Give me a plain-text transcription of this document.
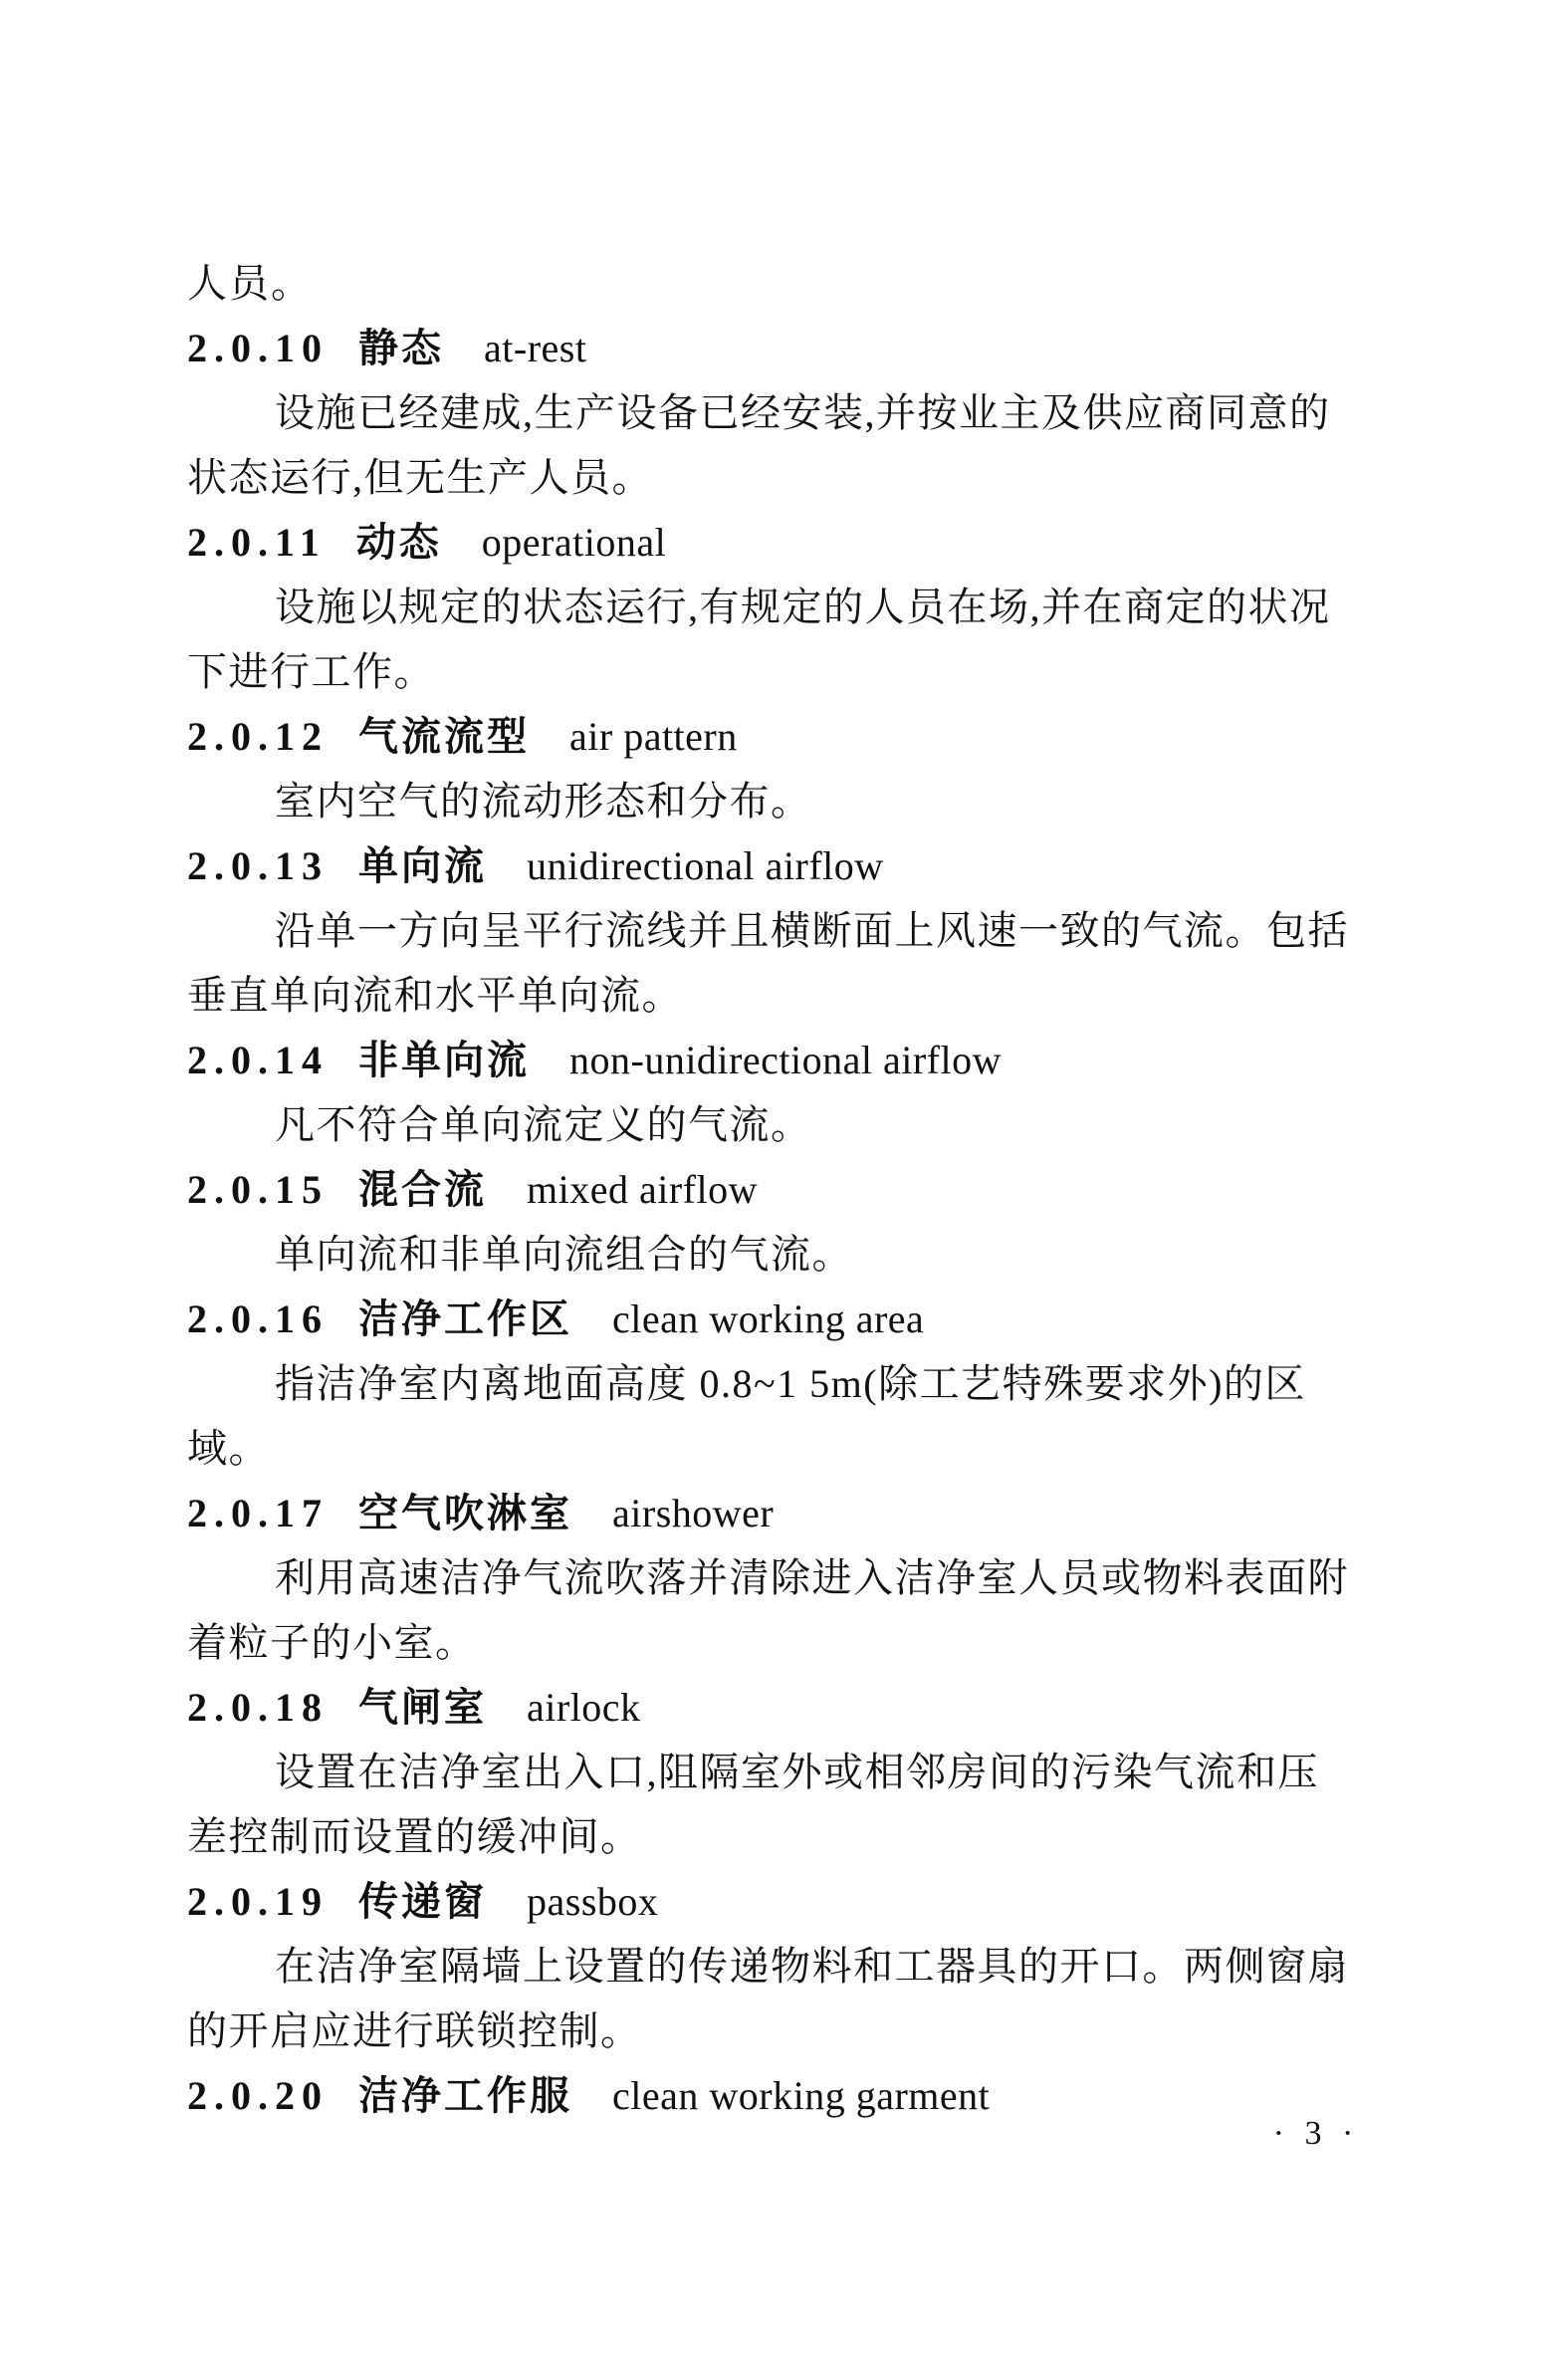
人员。

2.0.10 静态 at-rest

设施已经建成,生产设备已经安装,并按业主及供应商同意的

状态运行,但无生产人员。

2.0.11 动态 operational

设施以规定的状态运行,有规定的人员在场,并在商定的状况

下进行工作。

2.0.12 气流流型 air pattern

室内空气的流动形态和分布。

2.0.13 单向流 unidirectional airflow

沿单一方向呈平行流线并且横断面上风速一致的气流。包括

垂直单向流和水平单向流。

2.0.14 非单向流 non-unidirectional airflow

凡不符合单向流定义的气流。

2.0.15 混合流 mixed airflow

单向流和非单向流组合的气流。

2.0.16 洁净工作区 clean working area

指洁净室内离地面高度 0.8~1 5m(除工艺特殊要求外)的区

域。

2.0.17 空气吹淋室 airshower

利用高速洁净气流吹落并清除进入洁净室人员或物料表面附

着粒子的小室。

2.0.18 气闸室 airlock

设置在洁净室出入口,阻隔室外或相邻房间的污染气流和压

差控制而设置的缓冲间。

2.0.19 传递窗 passbox

在洁净室隔墙上设置的传递物料和工器具的开口。两侧窗扇

的开启应进行联锁控制。

2.0.20 洁净工作服 clean working garment

· 3 ·
